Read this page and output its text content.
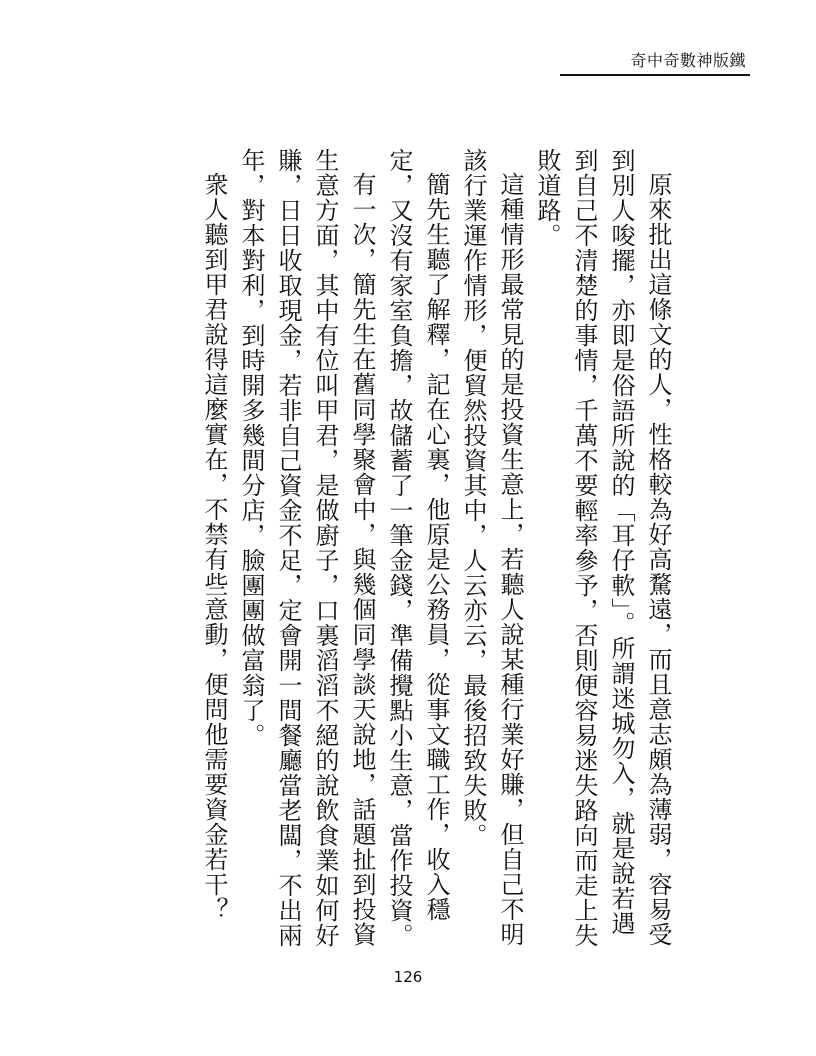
奇中奇數神版鐵

原來批出這條文的人，性格較為好高騖遠，而且意志頗為薄弱，容易受到別人唆擺，亦即是俗語所說的「耳仔軟」。所謂迷城勿入，就是說若遇到自己不清楚的事情，千萬不要輕率參予，否則便容易迷失路向而走上失敗道路。

這種情形最常見的是投資生意上，若聽人說某種行業好賺，但自己不明該行業運作情形，便貿然投資其中，人云亦云，最後招致失敗。

簡先生聽了解釋，記在心裏，他原是公務員，從事文職工作，收入穩定，又沒有家室負擔，故儲蓄了一筆金錢，準備攪點小生意，當作投資。

有一次，簡先生在舊同學聚會中，與幾個同學談天說地，話題扯到投資生意方面，其中有位叫甲君，是做廚子，口裏滔滔不絕的說飲食業如何好賺，日日收取現金，若非自己資金不足，定會開一間餐廳當老闆，不出兩年，對本對利，到時開多幾間分店，臉團團做富翁了。

衆人聽到甲君說得這麼實在，不禁有些意動，便問他需要資金若干？

126
